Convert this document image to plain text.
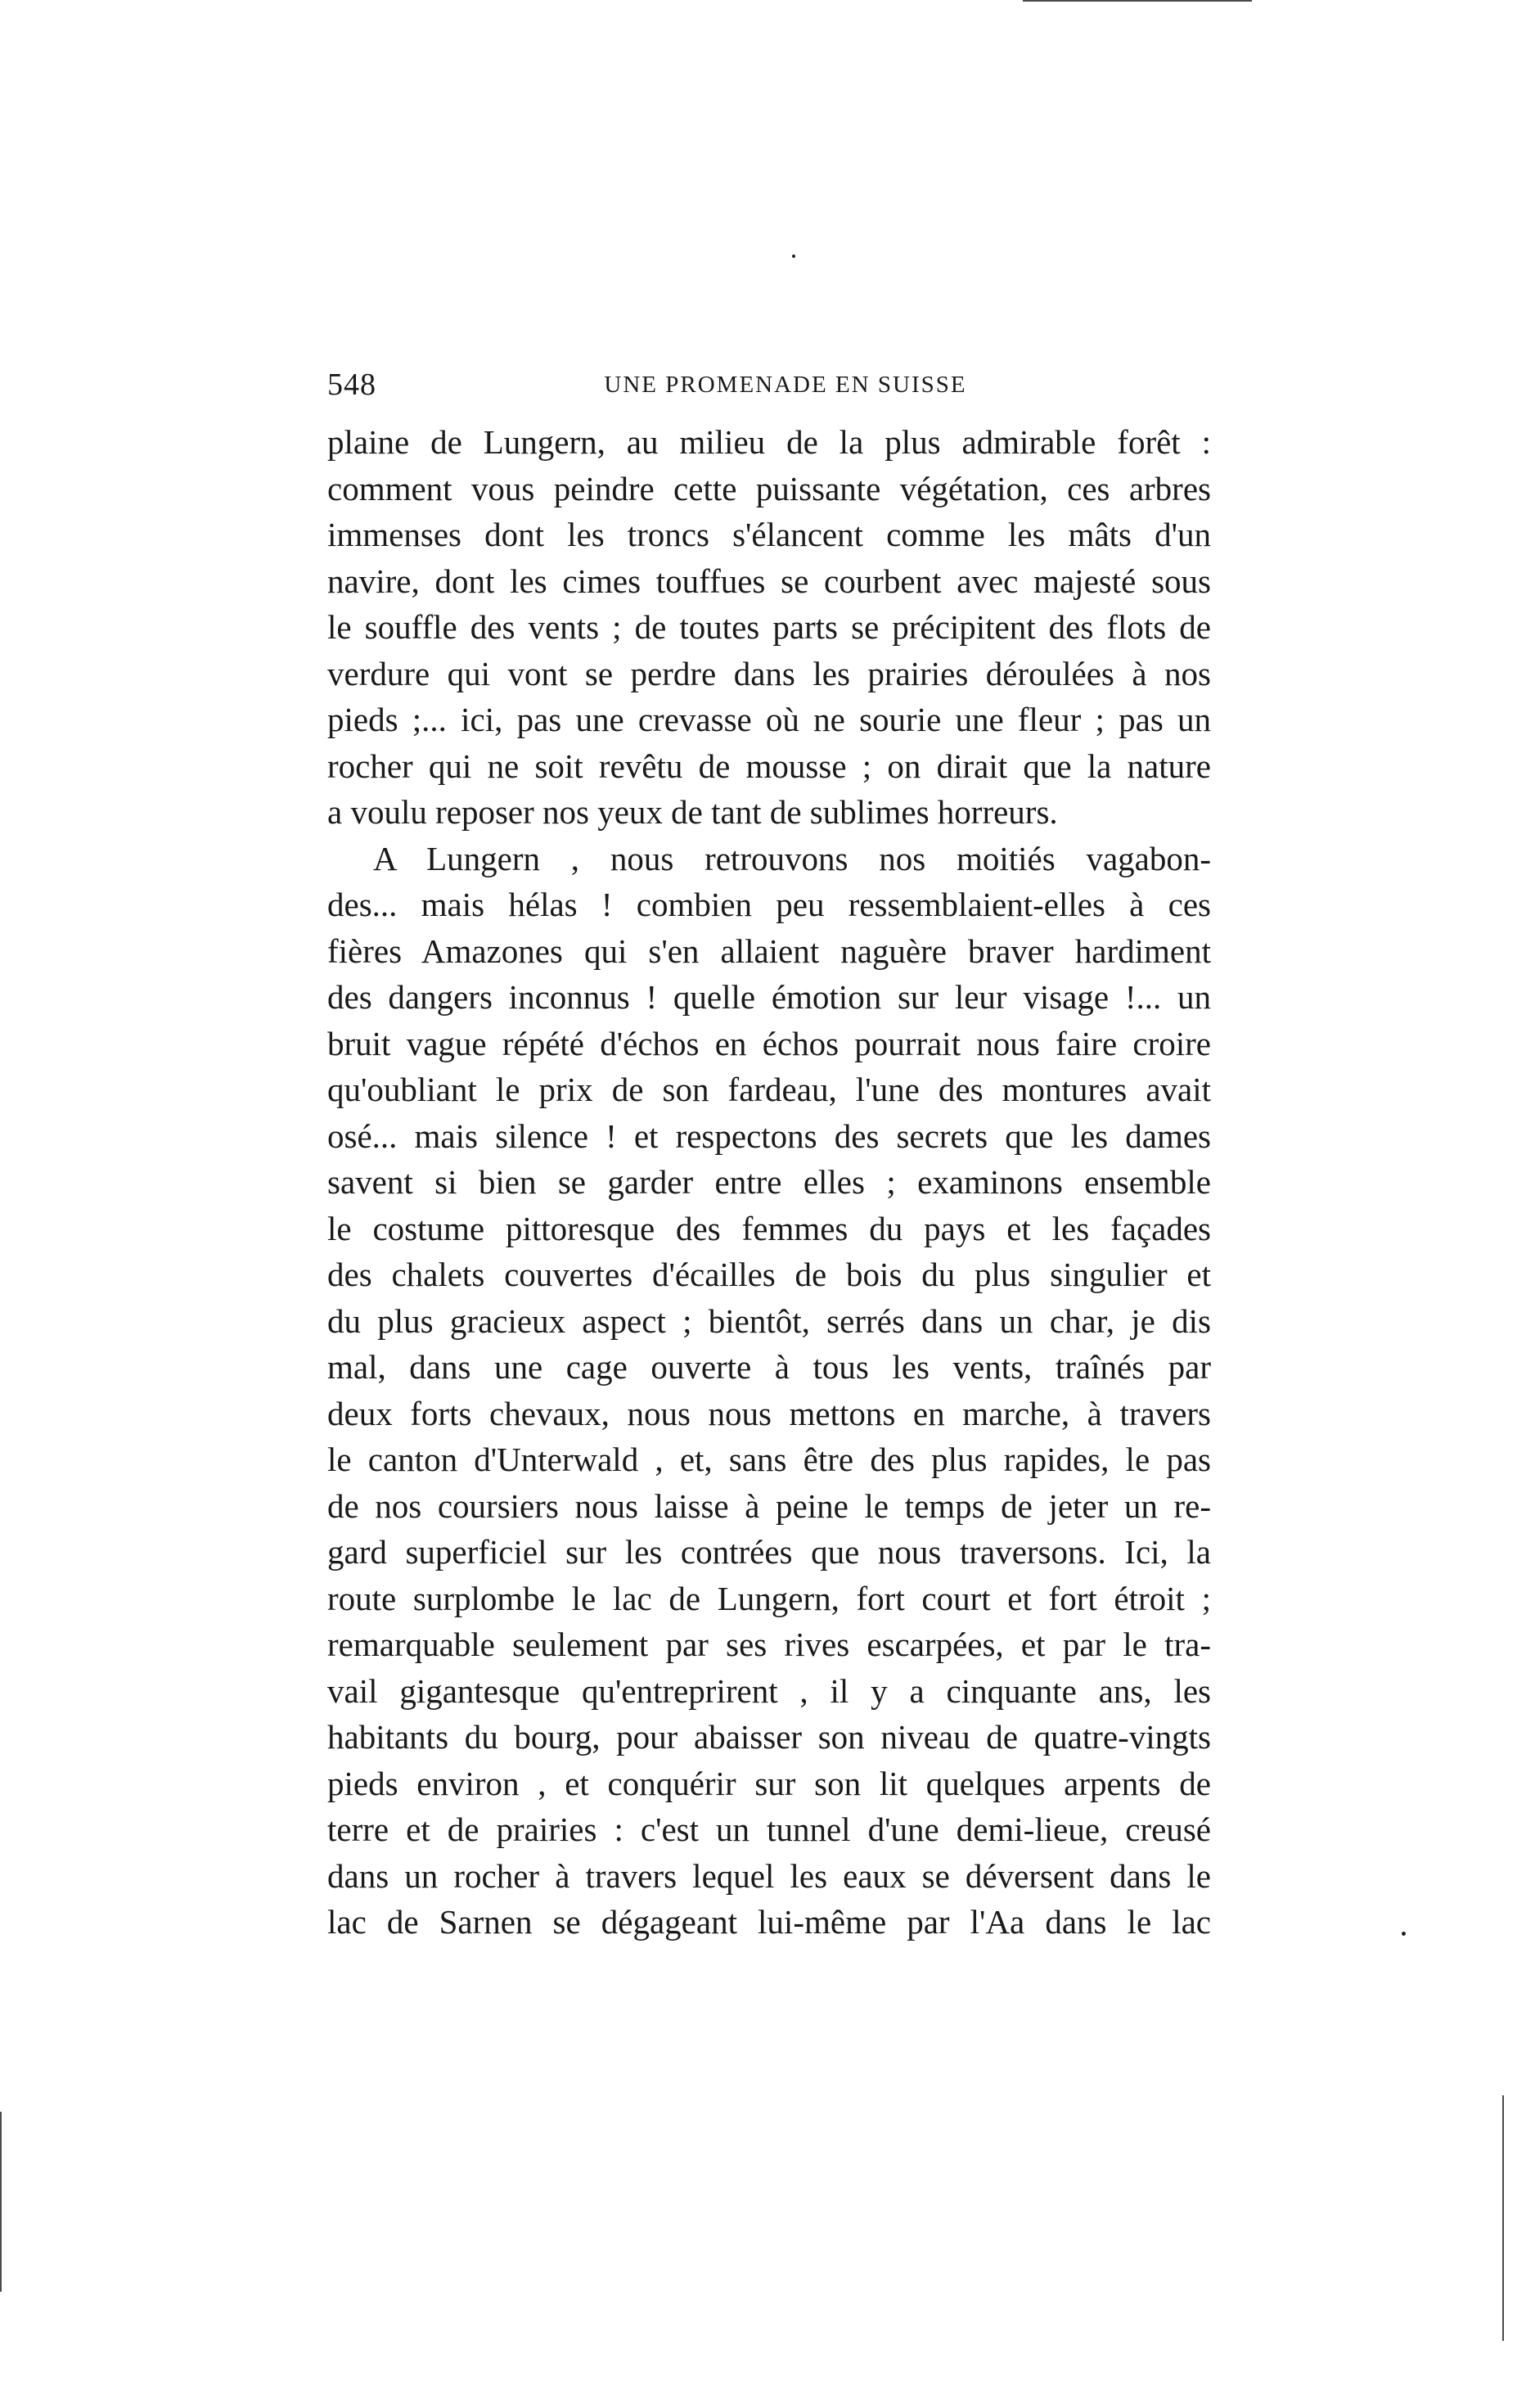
548	UNE PROMENADE EN SUISSE
plaine de Lungern, au milieu de la plus admirable forêt :
comment vous peindre cette puissante végétation, ces arbres
immenses dont les troncs s'élancent comme les mâts d'un
navire, dont les cimes touffues se courbent avec majesté sous
le souffle des vents ; de toutes parts se précipitent des flots de
verdure qui vont se perdre dans les prairies déroulées à nos
pieds ;... ici, pas une crevasse où ne sourie une fleur ; pas un
rocher qui ne soit revêtu de mousse ; on dirait que la nature
a voulu reposer nos yeux de tant de sublimes horreurs.
A Lungern , nous retrouvons nos moitiés vagabon-
des... mais hélas ! combien peu ressemblaient-elles à ces
fières Amazones qui s'en allaient naguère braver hardiment
des dangers inconnus ! quelle émotion sur leur visage !... un
bruit vague répété d'échos en échos pourrait nous faire croire
qu'oubliant le prix de son fardeau, l'une des montures avait
osé... mais silence ! et respectons des secrets que les dames
savent si bien se garder entre elles ; examinons ensemble
le costume pittoresque des femmes du pays et les façades
des chalets couvertes d'écailles de bois du plus singulier et
du plus gracieux aspect ; bientôt, serrés dans un char, je dis
mal, dans une cage ouverte à tous les vents, traînés par
deux forts chevaux, nous nous mettons en marche, à travers
le canton d'Unterwald , et, sans être des plus rapides, le pas
de nos coursiers nous laisse à peine le temps de jeter un re-
gard superficiel sur les contrées que nous traversons. Ici, la
route surplombe le lac de Lungern, fort court et fort étroit ;
remarquable seulement par ses rives escarpées, et par le tra-
vail gigantesque qu'entreprirent , il y a cinquante ans, les
habitants du bourg, pour abaisser son niveau de quatre-vingts
pieds environ , et conquérir sur son lit quelques arpents de
terre et de prairies : c'est un tunnel d'une demi-lieue, creusé
dans un rocher à travers lequel les eaux se déversent dans le
lac de Sarnen se dégageant lui-même par l'Aa dans le lac
